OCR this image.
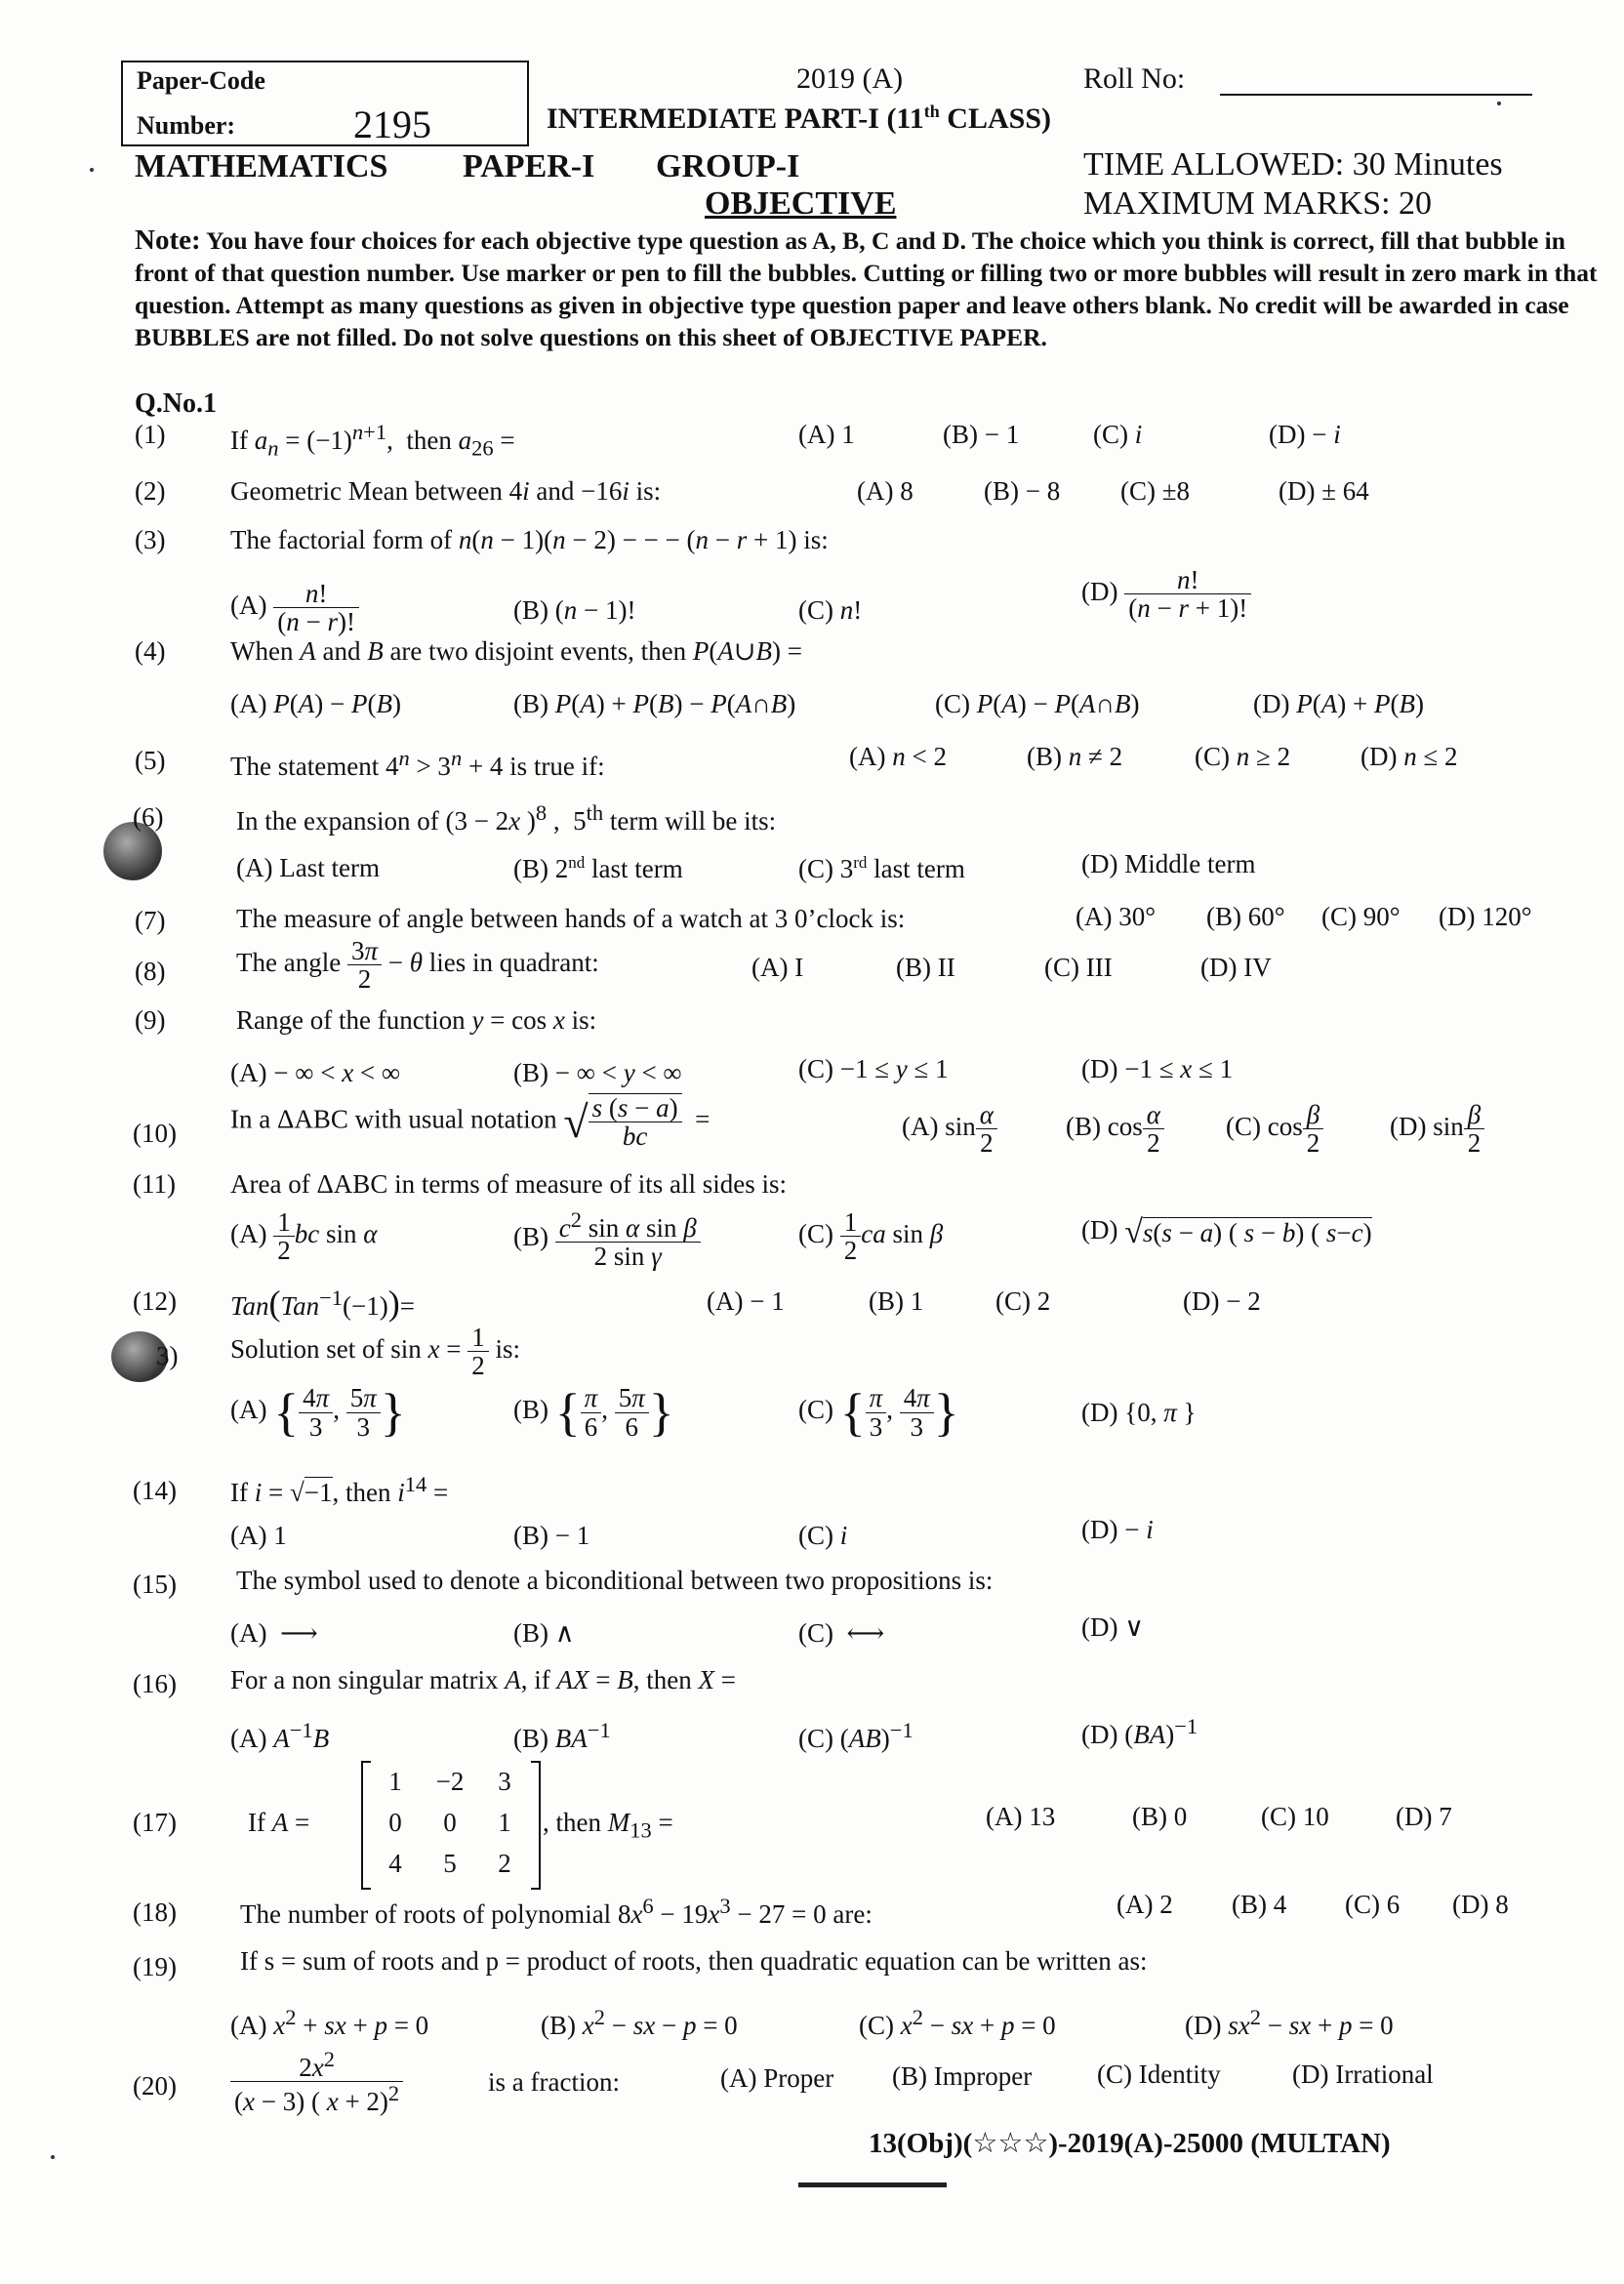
Paper-Code
Number:	2195
2019 (A)	Roll No:
INTERMEDIATE PART-I (11th CLASS)
MATHEMATICS PAPER-I GROUP-I	TIME ALLOWED: 30 Minutes
OBJECTIVE	MAXIMUM MARKS: 20
Note: You have four choices for each objective type question as A, B, C and D. The choice which you think is correct, fill that bubble in front of that question number. Use marker or pen to fill the bubbles. Cutting or filling two or more bubbles will result in zero mark in that question. Attempt as many questions as given in objective type question paper and leave others blank. No credit will be awarded in case BUBBLES are not filled. Do not solve questions on this sheet of OBJECTIVE PAPER.
Q.No.1
(1) If $a_n = (-1)^{n+1}$,  then $a_{26}$ =	(A) 1	(B) − 1	(C) i	(D) − i
(2) Geometric Mean between 4i and −16i is:	(A) 8	(B) − 8 (C) ±8	(D) ± 64
(3) The factorial form of n(n − 1)(n − 2) − − − (n − r + 1) is:
$(A) \frac{n!}{(n - r)!}$	(B) (n − 1)!	(C) n!
$(D) \frac{n!}{(n - r + 1)!}$
(4) When A and B are two disjoint events, then P(A∪B) =
(A) P(A) − P(B)	(B) P(A) + P(B) − P(A∩B)	(C) P(A) − P(A∩B)	(D) P(A) + P(B)
(5) The statement $4^n > 3^n + 4$ is true if:	(A) n < 2	(B) n ≠ 2	(C) n ≥ 2	(D) n ≤ 2
(6)	In the expansion of (3 − 2x )$^8$ ,  5th term will be its:
(A) Last term	(B) 2nd last term	(C) 3rd last term	(D) Middle term
(7)	The measure of angle between hands of a watch at 3 0’clock is:	(A) 30° (B) 60° (C) 90° (D) 120°
(8)	The angle $\frac{3\pi}{2} - \theta$ lies in quadrant:	(A) I	(B) II	(C) III	(D) IV
(9)	Range of the function y = cos x is:
(A) − ∞ < x < ∞	(B) − ∞ < y < ∞	(C) −1 ≤ y ≤ 1	(D) −1 ≤ x ≤ 1
(10) In a ΔABC with usual notation √ $\frac{s (s - a)}{bc}$ =	(A) $\sin \frac{\alpha}{2}$	(B) $\cos \frac{\alpha}{2} (C)$ $\cos \frac{\beta}{2}$	(D) $\sin \frac{\beta}{2}$
(11) Area of ΔABC in terms of measure of its all sides is:
$(A) \frac{1}{2}$ bc sin α	$(B) \frac{c^2 \sin \alpha \sin \beta}{\text{2 sin γ}}$	$(C) \frac{1}{2}$ ca sin β	(D) √s(s − a) ( s − b) ( s−c)
(12) Tan(Tan$^{-1}$(−1))=	(A) − 1	(B) 1	(C) 2	(D) − 2
3) Solution set of $\sin x = \frac{1}{2}$ is:
(A) { $\frac{4\pi}{3}$ , $\frac{5\pi}{3}$ }	(B) { $\frac{\pi}{6}$ , $\frac{5\pi}{6}$ }	(C) { $\frac{\pi}{3}$ , $\frac{4\pi}{3}$ }	(D) {0, π }
(14) If i = √−1, then $i^{14}$ =
(A) 1	(B) − 1	(C) i	(D) − i
(15) The symbol used to denote a biconditional between two propositions is:
(A)  ⟶	(B) ∧	(C)  ⟷	(D) ∨
(16) For a non singular matrix A, if AX = B, then X =
(A) $A^{-1}B$	(B) $BA^{-1}$	(C) (AB)$^{-1}$	(D) (BA)$^{-1}$
(17)	If A =
1	−2	3
0	0	1
4	5	2
, then $M_{13}$ =	(A) 13	(B) 0	(C) 10	(D) 7
(18) The number of roots of polynomial $8x^6 - 19x^3 - 27 = 0$ are:	(A) 2 (B) 4 (C) 6 (D) 8
(19) If s = sum of roots and p = product of roots, then quadratic equation can be written as:
(A) $x^2$ + sx + p = 0	(B) $x^2$ − sx − p = 0	(C) $x^2$ − sx + p = 0	(D) $sx^2$ − sx + p = 0
$(20) \frac{2x^2}{(x - 3) ( x + 2)^2}$	is a fraction:	(A) Proper (B) Improper (C) Identity	(D) Irrational
13(Obj)(☆☆☆)-2019(A)-25000 (MULTAN)
